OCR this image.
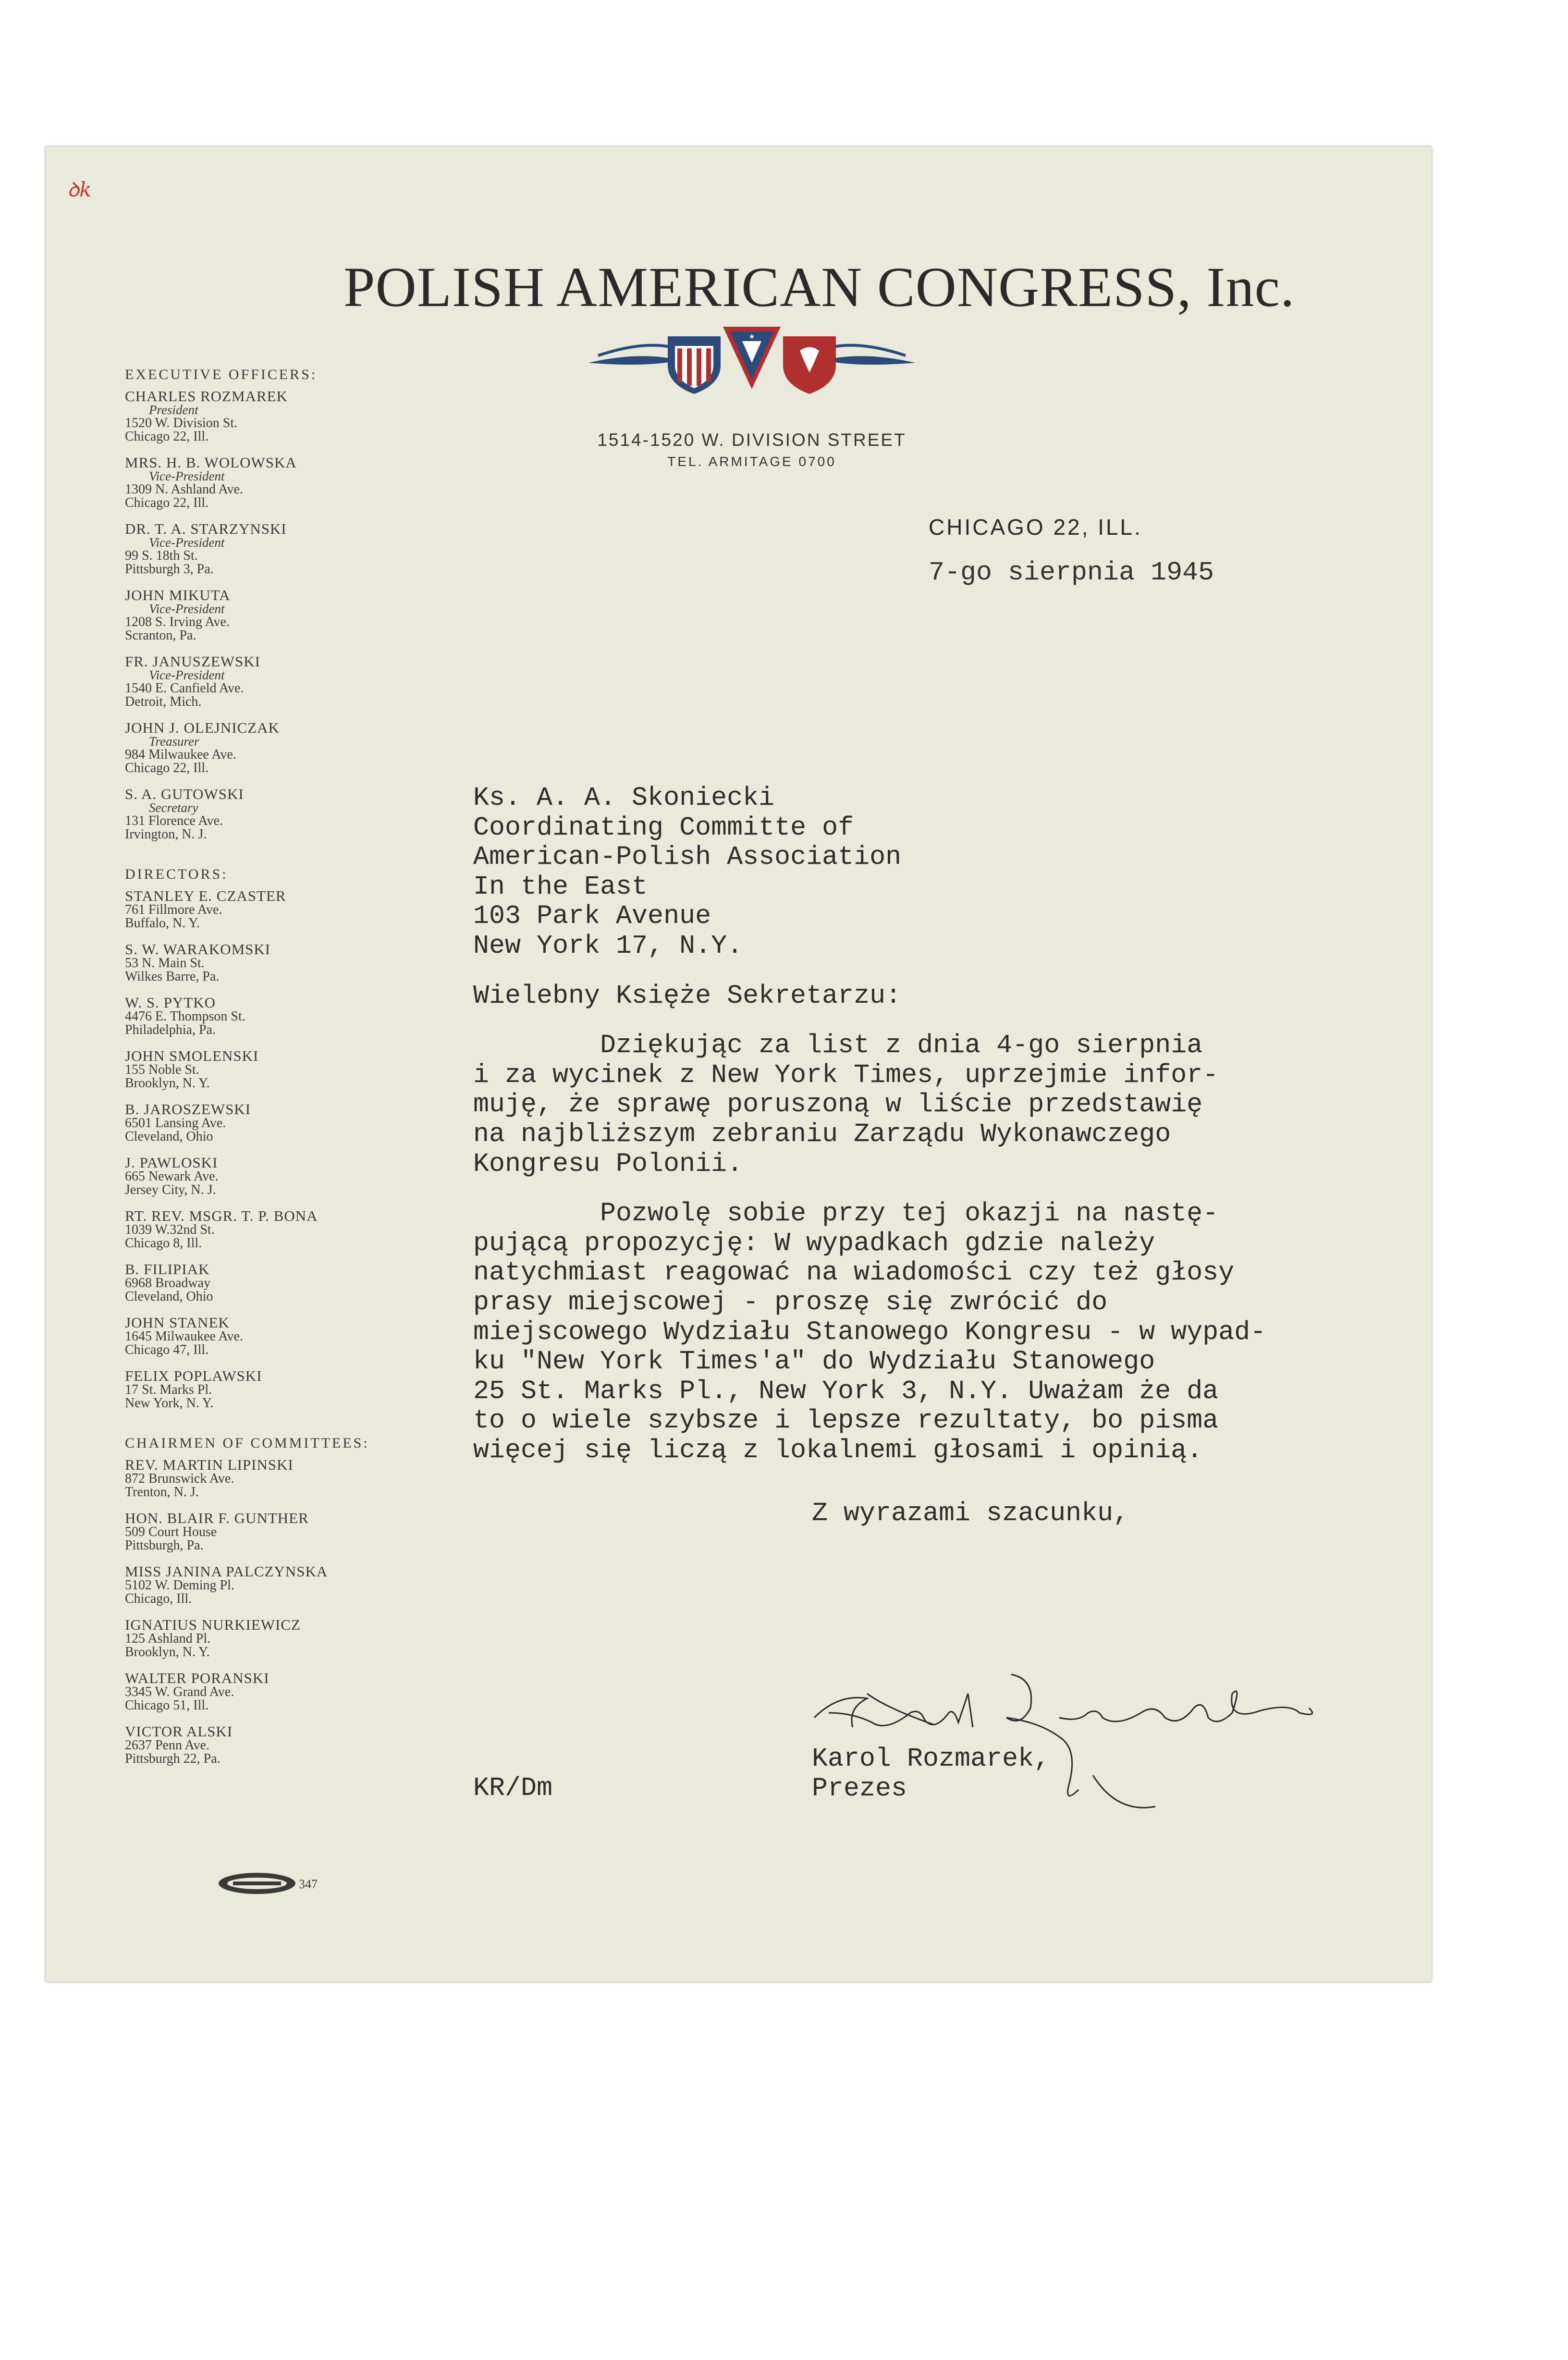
ꝺk
POLISH AMERICAN CONGRESS, Inc.
★
1514-1520 W. DIVISION STREET
TEL. ARMITAGE 0700
CHICAGO 22, ILL.
7-go sierpnia 1945
EXECUTIVE OFFICERS:
CHARLES ROZMAREK
President
1520 W. Division St.
Chicago 22, Ill.
MRS. H. B. WOLOWSKA
Vice-President
1309 N. Ashland Ave.
Chicago 22, Ill.
DR. T. A. STARZYNSKI
Vice-President
99 S. 18th St.
Pittsburgh 3, Pa.
JOHN MIKUTA
Vice-President
1208 S. Irving Ave.
Scranton, Pa.
FR. JANUSZEWSKI
Vice-President
1540 E. Canfield Ave.
Detroit, Mich.
JOHN J. OLEJNICZAK
Treasurer
984 Milwaukee Ave.
Chicago 22, Ill.
S. A. GUTOWSKI
Secretary
131 Florence Ave.
Irvington, N. J.
DIRECTORS:
STANLEY E. CZASTER
761 Fillmore Ave.
Buffalo, N. Y.
S. W. WARAKOMSKI
53 N. Main St.
Wilkes Barre, Pa.
W. S. PYTKO
4476 E. Thompson St.
Philadelphia, Pa.
JOHN SMOLENSKI
155 Noble St.
Brooklyn, N. Y.
B. JAROSZEWSKI
6501 Lansing Ave.
Cleveland, Ohio
J. PAWLOSKI
665 Newark Ave.
Jersey City, N. J.
RT. REV. MSGR. T. P. BONA
1039 W.32nd St.
Chicago 8, Ill.
B. FILIPIAK
6968 Broadway
Cleveland, Ohio
JOHN STANEK
1645 Milwaukee Ave.
Chicago 47, Ill.
FELIX POPLAWSKI
17 St. Marks Pl.
New York, N. Y.
CHAIRMEN OF COMMITTEES:
REV. MARTIN LIPINSKI
872 Brunswick Ave.
Trenton, N. J.
HON. BLAIR F. GUNTHER
509 Court House
Pittsburgh, Pa.
MISS JANINA PALCZYNSKA
5102 W. Deming Pl.
Chicago, Ill.
IGNATIUS NURKIEWICZ
125 Ashland Pl.
Brooklyn, N. Y.
WALTER PORANSKI
3345 W. Grand Ave.
Chicago 51, Ill.
VICTOR ALSKI
2637 Penn Ave.
Pittsburgh 22, Pa.
347
Ks. A. A. Skoniecki
Coordinating Committe of
American-Polish Association
In the East
103 Park Avenue
New York 17, N.Y.
Wielebny Księże Sekretarzu:
Dziękując za list z dnia 4-go sierpnia
i za wycinek z New York Times, uprzejmie infor-
muję, że sprawę poruszoną w liście przedstawię
na najbliższym zebraniu Zarządu Wykonawczego
Kongresu Polonii.
Pozwolę sobie przy tej okazji na nastę-
pującą propozycję: W wypadkach gdzie należy
natychmiast reagować na wiadomości czy też głosy
prasy miejscowej - proszę się zwrócić do
miejscowego Wydziału Stanowego Kongresu - w wypad-
ku "New York Times'a" do Wydziału Stanowego
25 St. Marks Pl., New York 3, N.Y. Uważam że da
to o wiele szybsze i lepsze rezultaty, bo pisma
więcej się liczą z lokalnemi głosami i opinią.
Z wyrazami szacunku,
Karol Rozmarek,
Prezes
KR/Dm
